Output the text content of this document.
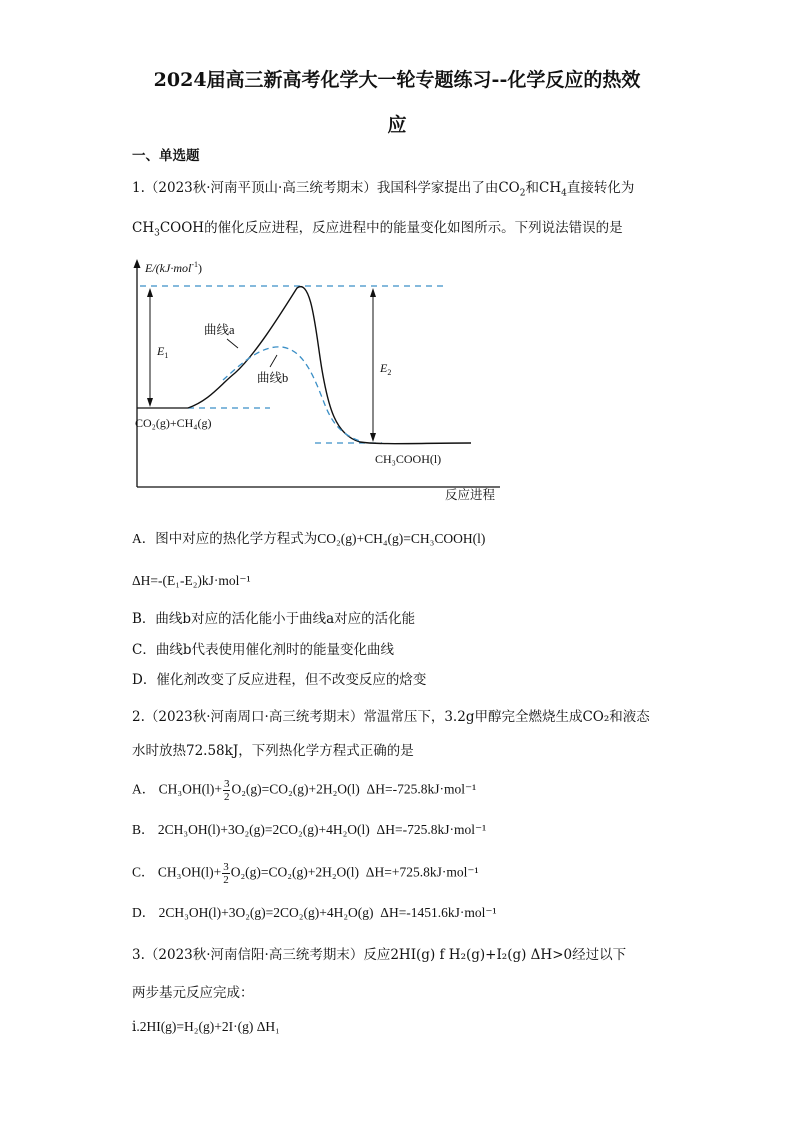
2024届高三新高考化学大一轮专题练习--化学反应的热效
应
一、单选题
1.（2023秋·河南平顶山·高三统考期末）我国科学家提出了由$CO_2$和$CH_4$直接转化为
$CH_3COOH$的催化反应进程，反应进程中的能量变化如图所示。下列说法错误的是
E/(kJ·mol$^{-1}$)
反应进程
$E_1$
$E_2$
曲线a
曲线b
CO₂(g)+CH₄(g)
CH₃COOH(l)
A．图中对应的热化学方程式为CO₂(g)+CH₄(g)=CH₃COOH(l)
ΔH=-(E₁-E₂)kJ·mol⁻¹
B．曲线b对应的活化能小于曲线a对应的活化能
C．曲线b代表使用催化剂时的能量变化曲线
D．催化剂改变了反应进程，但不改变反应的焓变
2.（2023秋·河南周口·高三统考期末）常温常压下，3.2g甲醇完全燃烧生成CO₂和液态
水时放热72.58kJ，下列热化学方程式正确的是
A． $CH_3OH(l)+ \frac{3}{2} O_2(g)=CO_2(g)+2H_2O(l)$ ΔH=-725.8kJ·mol⁻¹
B． 2CH₃OH(l)+3O₂(g)=2CO₂(g)+4H₂O(l) ΔH=-725.8kJ·mol⁻¹
C． $CH_3OH(l)+ \frac{3}{2} O_2(g)=CO_2(g)+2H_2O(l)$ ΔH=+725.8kJ·mol⁻¹
D． 2CH₃OH(l)+3O₂(g)=2CO₂(g)+4H₂O(g) ΔH=-1451.6kJ·mol⁻¹
3.（2023秋·河南信阳·高三统考期末）反应2HI(g) f H₂(g)+I₂(g) ΔH>0经过以下
两步基元反应完成：
ⅰ.2HI(g)=H₂(g)+2I·(g) ΔH₁
